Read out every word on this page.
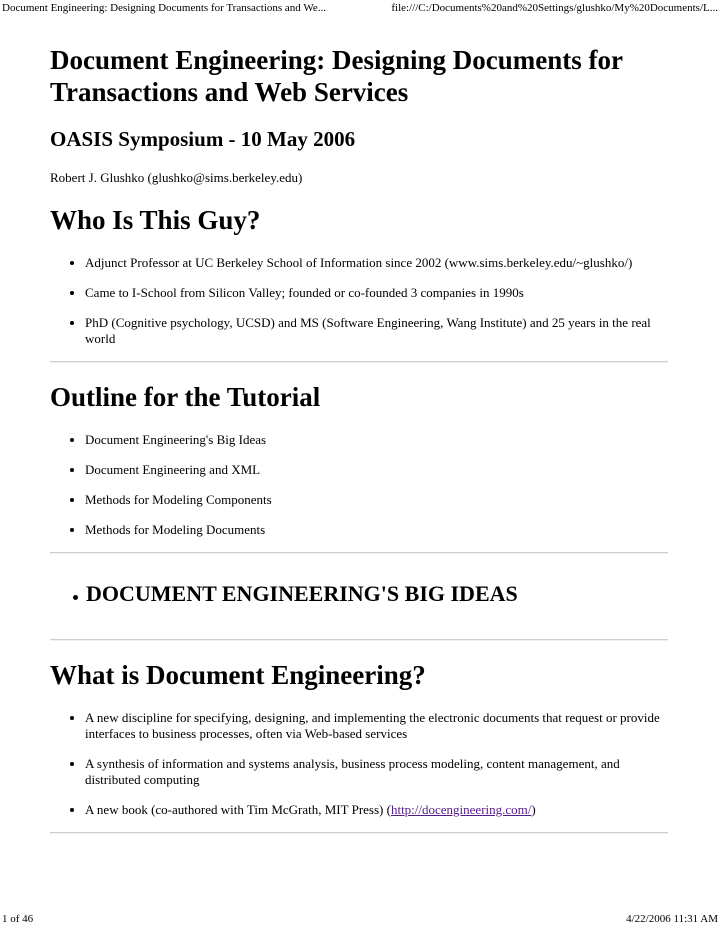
Document Engineering: Designing Documents for Transactions and We...	file:///C:/Documents%20and%20Settings/glushko/My%20Documents/L...
Document Engineering: Designing Documents for Transactions and Web Services
OASIS Symposium - 10 May 2006

Robert J. Glushko (glushko@sims.berkeley.edu)

Who Is This Guy?
• Adjunct Professor at UC Berkeley School of Information since 2002 (www.sims.berkeley.edu/~glushko/)
• Came to I-School from Silicon Valley; founded or co-founded 3 companies in 1990s
• PhD (Cognitive psychology, UCSD) and MS (Software Engineering, Wang Institute) and 25 years in the real world
Outline for the Tutorial
• Document Engineering's Big Ideas
• Document Engineering and XML
• Methods for Modeling Components
• Methods for Modeling Documents
DOCUMENT ENGINEERING'S BIG IDEAS
What is Document Engineering?
• A new discipline for specifying, designing, and implementing the electronic documents that request or provide interfaces to business processes, often via Web-based services
• A synthesis of information and systems analysis, business process modeling, content management, and distributed computing
• A new book (co-authored with Tim McGrath, MIT Press) (http://docengineering.com/)
1 of 46	4/22/2006 11:31 AM
